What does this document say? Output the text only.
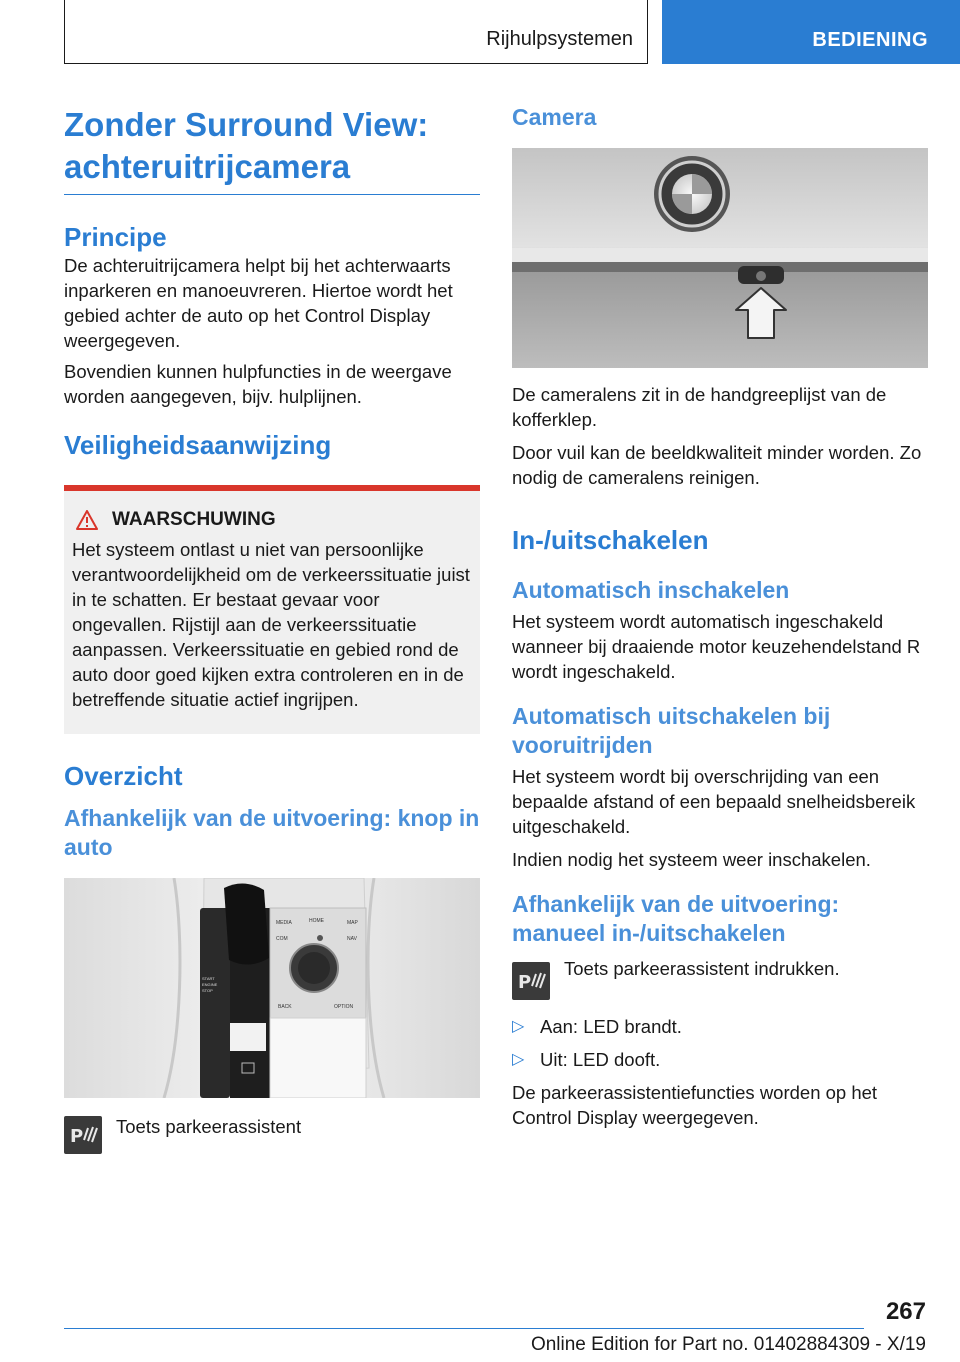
Rijhulpsystemen	BEDIENING
Zonder Surround View: achteruitrijcamera
Principe

De achteruitrijcamera helpt bij het achterwaarts inparkeren en manoeuvreren. Hiertoe wordt het gebied achter de auto op het Control Display weergegeven.

Bovendien kunnen hulpfuncties in de weergave worden aangegeven, bijv. hulplijnen.

Veiligheidsaanwijzing
WAARSCHUWING

Het systeem ontlast u niet van persoonlijke verantwoordelijkheid om de verkeerssituatie juist in te schatten. Er bestaat gevaar voor ongevallen. Rijstijl aan de verkeerssituatie aanpassen. Verkeerssituatie en gebied rond de auto door goed kijken extra controleren en in de betreffende situatie actief ingrijpen.

Overzicht
Afhankelijk van de uitvoering: knop in auto
MEDIA	HOME	MAP
COM	NAV
BACK	OPTION
START
ENGINE
STOP
P Toets parkeerassistent

Camera

De cameralens zit in de handgreeplijst van de kofferklep.

Door vuil kan de beeldkwaliteit minder worden. Zo nodig de cameralens reinigen.

In-/uitschakelen
Automatisch inschakelen

Het systeem wordt automatisch ingeschakeld wanneer bij draaiende motor keuzehendelstand R wordt ingeschakeld.

Automatisch uitschakelen bij vooruitrijden

Het systeem wordt bij overschrijding van een bepaalde afstand of een bepaald snelheidsbereik uitgeschakeld.

Indien nodig het systeem weer inschakelen.

Afhankelijk van de uitvoering: manueel in-/uitschakelen
P

Toets parkeerassistent indrukken.

▷ Aan: LED brandt.

▷ Uit: LED dooft.

De parkeerassistentiefuncties worden op het Control Display weergegeven.

267
Online Edition for Part no. 01402884309 - X/19
